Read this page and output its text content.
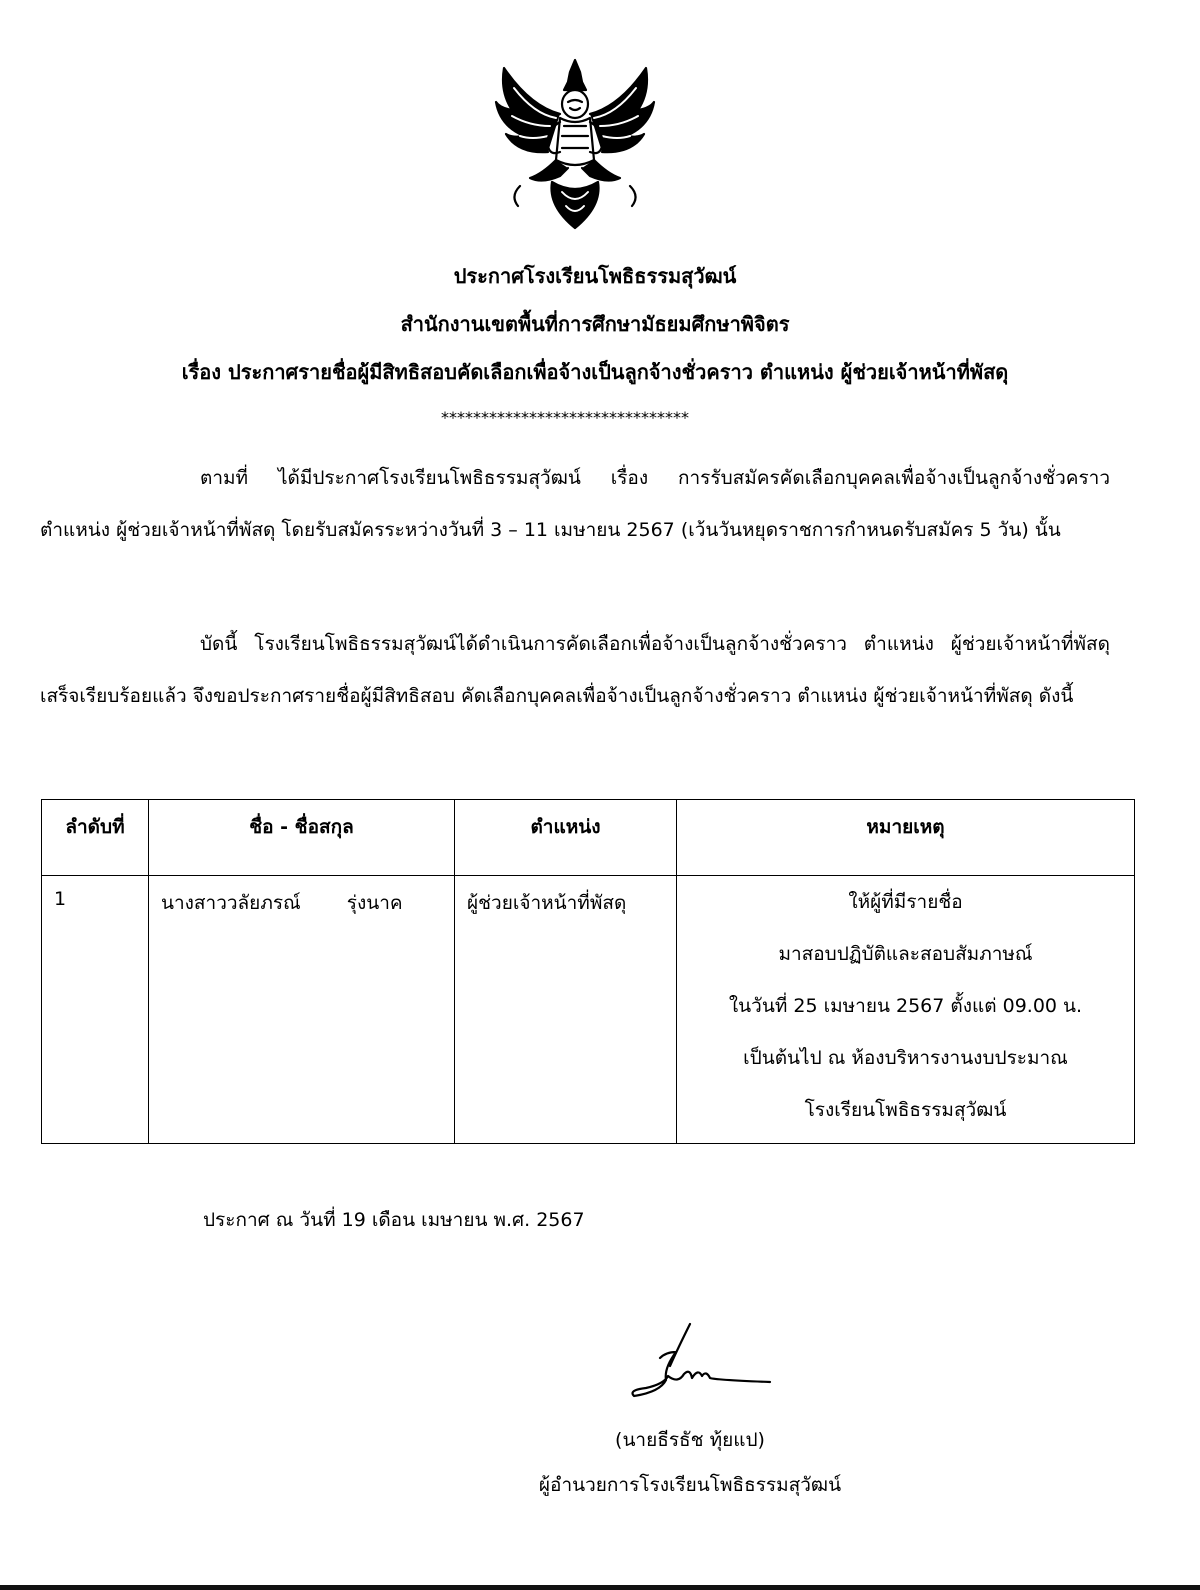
ประกาศโรงเรียนโพธิธรรมสุวัฒน์
สำนักงานเขตพื้นที่การศึกษามัธยมศึกษาพิจิตร
เรื่อง ประกาศรายชื่อผู้มีสิทธิสอบคัดเลือกเพื่อจ้างเป็นลูกจ้างชั่วคราว ตำแหน่ง ผู้ช่วยเจ้าหน้าที่พัสดุ
*******************************
ตามที่ ได้มีประกาศโรงเรียนโพธิธรรมสุวัฒน์ เรื่อง การรับสมัครคัดเลือกบุคคลเพื่อจ้างเป็นลูกจ้างชั่วคราว ตำแหน่ง ผู้ช่วยเจ้าหน้าที่พัสดุ โดยรับสมัครระหว่างวันที่ 3 – 11 เมษายน 2567 (เว้นวันหยุดราชการกำหนดรับสมัคร 5 วัน) นั้น
บัดนี้ โรงเรียนโพธิธรรมสุวัฒน์ได้ดำเนินการคัดเลือกเพื่อจ้างเป็นลูกจ้างชั่วคราว ตำแหน่ง ผู้ช่วยเจ้าหน้าที่พัสดุ เสร็จเรียบร้อยแล้ว จึงขอประกาศรายชื่อผู้มีสิทธิสอบ คัดเลือกบุคคลเพื่อจ้างเป็นลูกจ้างชั่วคราว ตำแหน่ง ผู้ช่วยเจ้าหน้าที่พัสดุ ดังนี้
ลำดับที่	ชื่อ - ชื่อสกุล	ตำแหน่ง	หมายเหตุ
1	นางสาววลัยภรณ์ รุ่งนาค	ผู้ช่วยเจ้าหน้าที่พัสดุ	ให้ผู้ที่มีรายชื่อ
มาสอบปฏิบัติและสอบสัมภาษณ์
ในวันที่ 25 เมษายน 2567 ตั้งแต่ 09.00 น.
เป็นต้นไป ณ ห้องบริหารงานงบประมาณ
โรงเรียนโพธิธรรมสุวัฒน์
ประกาศ ณ วันที่ 19 เดือน เมษายน พ.ศ. 2567
(นายธีรธัช ทุ้ยแป)
ผู้อำนวยการโรงเรียนโพธิธรรมสุวัฒน์
